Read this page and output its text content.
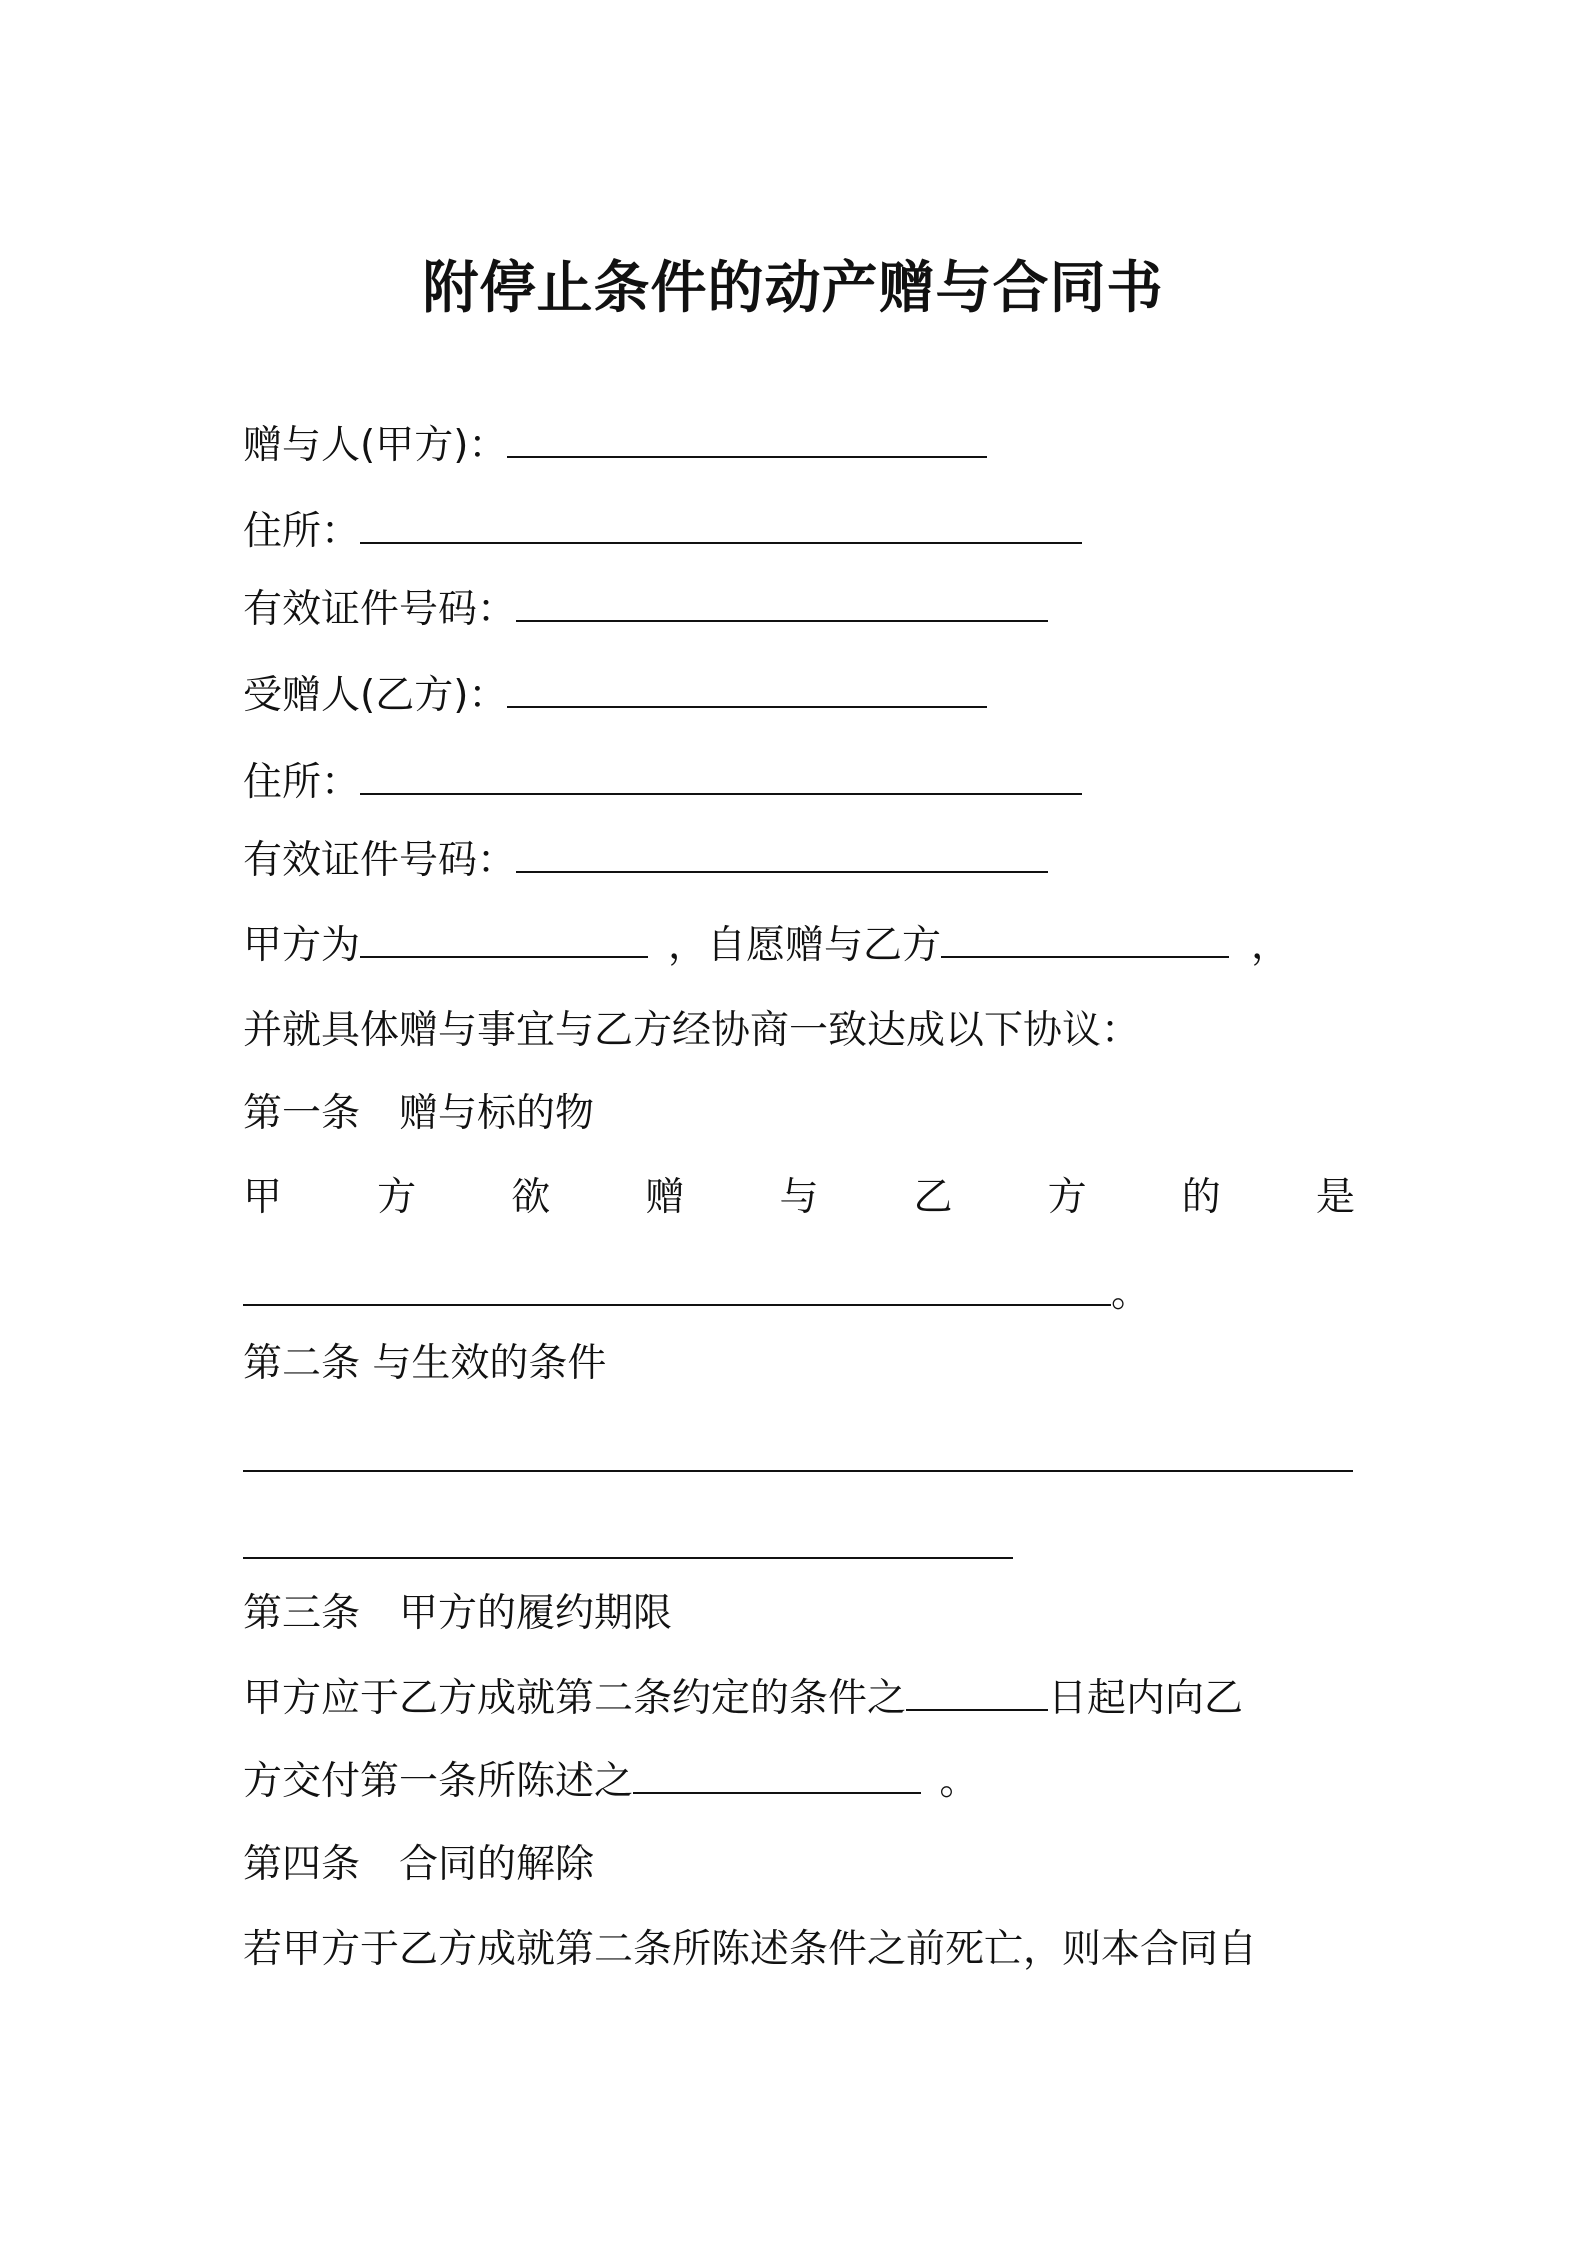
附停止条件的动产赠与合同书
赠与人(甲方)：
住所：
有效证件号码：
受赠人(乙方)：
住所：
有效证件号码：
甲方为	，自愿赠与乙方	，
并就具体赠与事宜与乙方经协商一致达成以下协议：
第一条　赠与标的物
甲 方 欲 赠 与 乙 方 的 是
。
第二条 与生效的条件
第三条　甲方的履约期限
甲方应于乙方成就第二条约定的条件之	日起内向乙
方交付第一条所陈述之	。
第四条　合同的解除
若甲方于乙方成就第二条所陈述条件之前死亡，则本合同自
